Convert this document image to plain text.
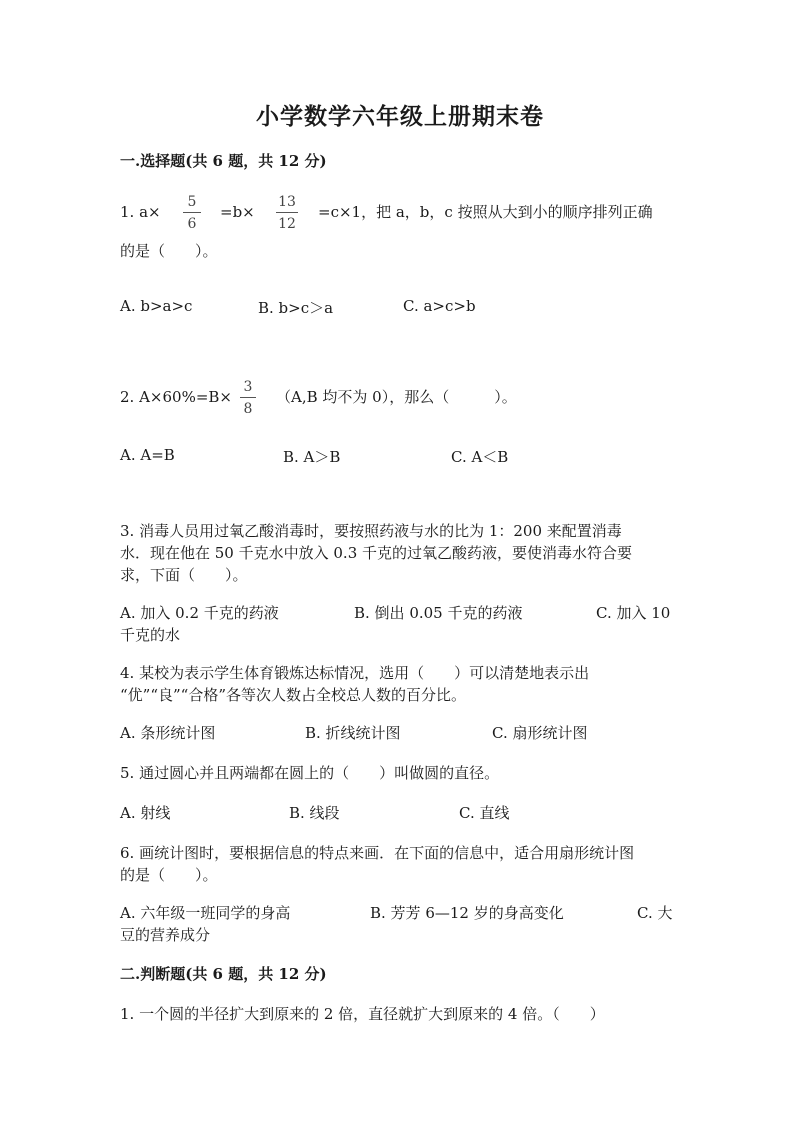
小学数学六年级上册期末卷
一.选择题(共 6 题，共 12 分)
1. a×
5
6
=b×
13
12
=c×1，把 a，b，c 按照从大到小的顺序排列正确
的是（　　）。
A. b>a>c	B. b>c＞a	C. a>c>b
2. A×60%=B×
3
8
（A,B 均不为 0），那么（　　　）。
A. A=B	B. A＞B	C. A＜B
3. 消毒人员用过氧乙酸消毒时，要按照药液与水的比为 1：200 来配置消毒
水．现在他在 50 千克水中放入 0.3 千克的过氧乙酸药液，要使消毒水符合要
求，下面（　　）。
A. 加入 0.2 千克的药液	B. 倒出 0.05 千克的药液	C. 加入 10
千克的水
4. 某校为表示学生体育锻炼达标情况，选用（　　）可以清楚地表示出
“优”“良”“合格”各等次人数占全校总人数的百分比。
A. 条形统计图	B. 折线统计图	C. 扇形统计图
5. 通过圆心并且两端都在圆上的（　　）叫做圆的直径。
A. 射线	B. 线段	C. 直线
6. 画统计图时，要根据信息的特点来画．在下面的信息中，适合用扇形统计图
的是（　　）。
A. 六年级一班同学的身高	B. 芳芳 6—12 岁的身高变化	C. 大
豆的营养成分
二.判断题(共 6 题，共 12 分)
1. 一个圆的半径扩大到原来的 2 倍，直径就扩大到原来的 4 倍。（　　）
